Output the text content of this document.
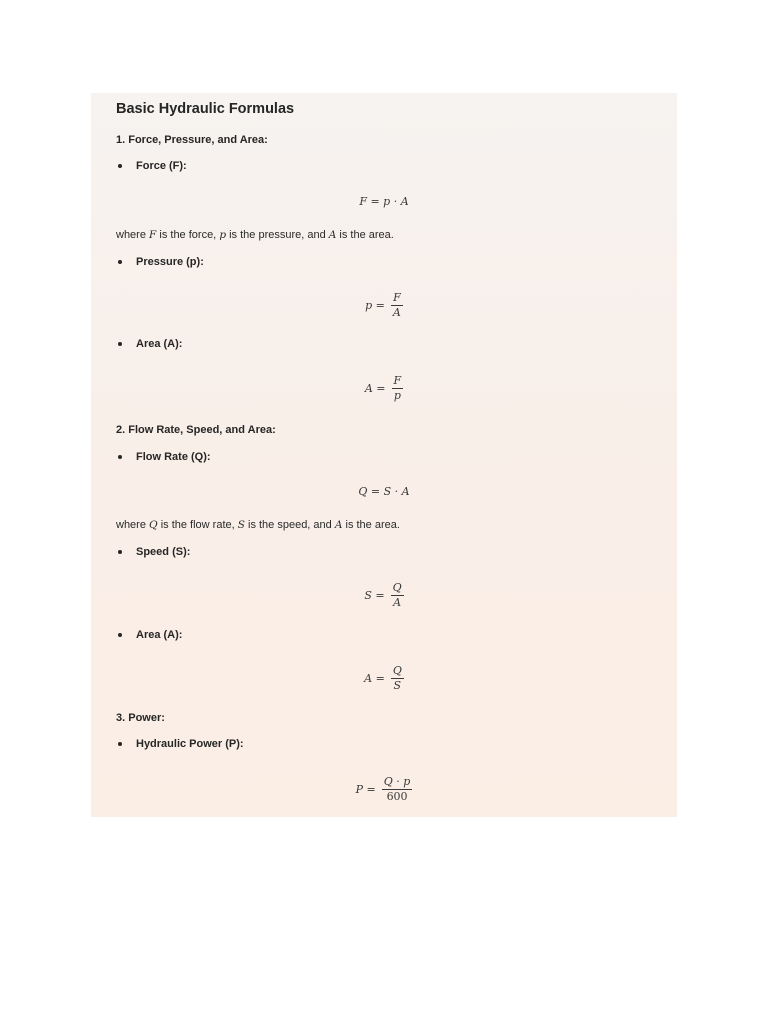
Basic Hydraulic Formulas
1. Force, Pressure, and Area:
Force (F):
F = p · A
where F is the force, p is the pressure, and A is the area.
Pressure (p):
$p = \frac{F}{A}$
Area (A):
$A = \frac{F}{p}$
2. Flow Rate, Speed, and Area:
Flow Rate (Q):
Q = S · A
where Q is the flow rate, S is the speed, and A is the area.
Speed (S):
$S = \frac{Q}{A}$
Area (A):
$A = \frac{Q}{S}$
3. Power:
Hydraulic Power (P):
$P = \frac{Q \cdot p}{600}$
